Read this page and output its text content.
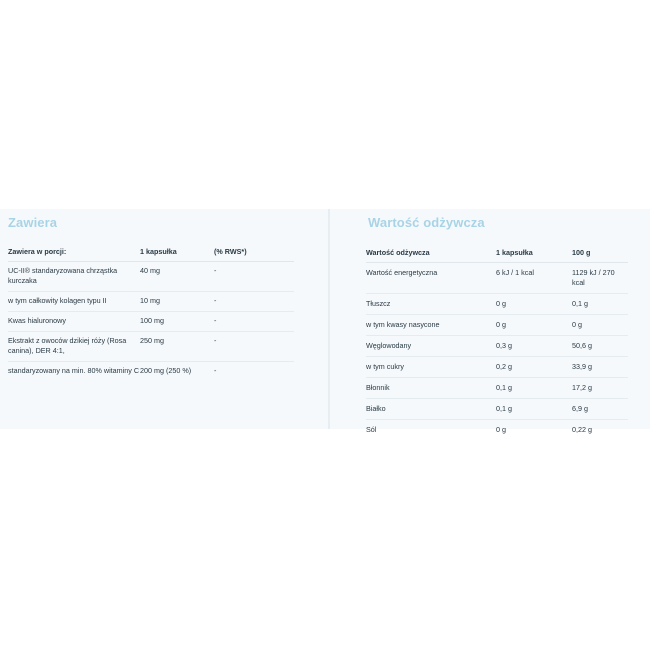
Zawiera
Zawiera w porcji:	1 kapsułka	(% RWS*)
UC-II® standaryzowana chrząstka kurczaka	40 mg	-
w tym całkowity kolagen typu II	10 mg	-
Kwas hialuronowy	100 mg	-
Ekstrakt z owoców dzikiej róży (Rosa canina), DER 4:1,	250 mg	-
standaryzowany na min. 80% witaminy C	200 mg (250 %)	-
Wartość odżywcza
Wartość odżywcza	1 kapsułka	100 g
Wartość energetyczna	6 kJ / 1 kcal	1129 kJ / 270 kcal
Tłuszcz	0 g	0,1 g
w tym kwasy nasycone	0 g	0 g
Węglowodany	0,3 g	50,6 g
w tym cukry	0,2 g	33,9 g
Błonnik	0,1 g	17,2 g
Białko	0,1 g	6,9 g
Sól	0 g	0,22 g
